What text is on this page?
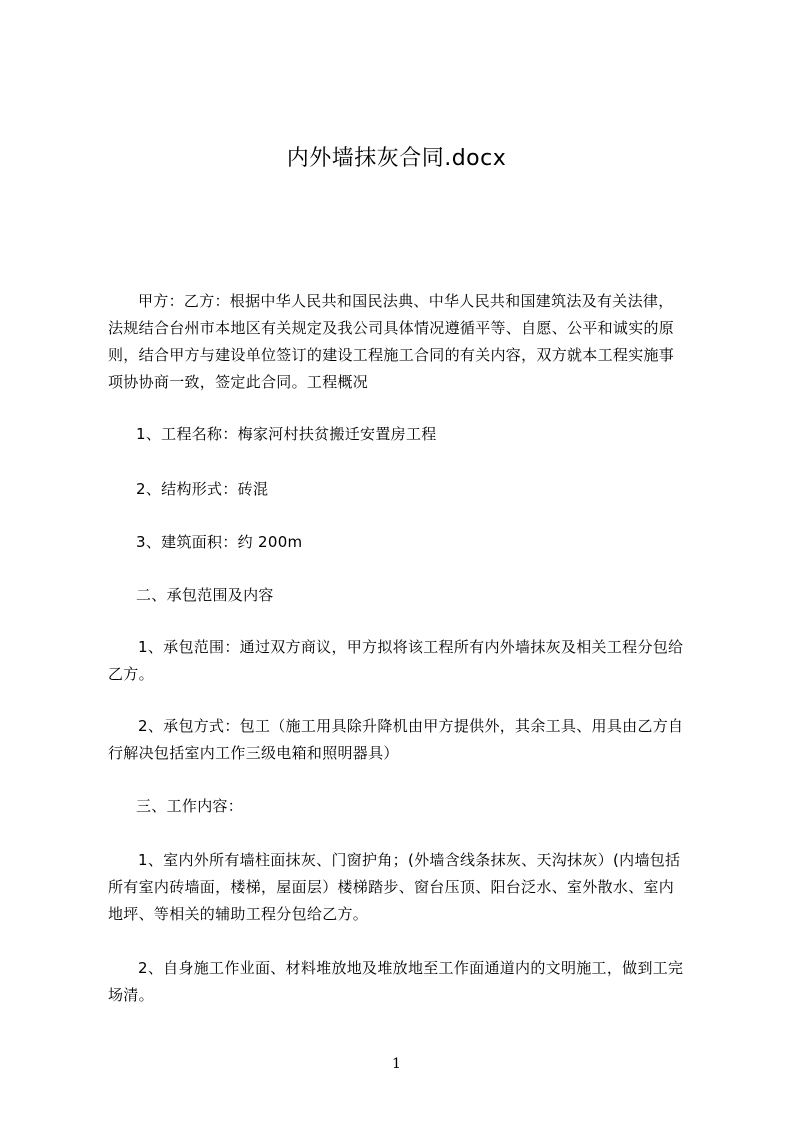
内外墙抹灰合同.docx
甲方：乙方：根据中华人民共和国民法典、中华人民共和国建筑法及有关法律，
法规结合台州市本地区有关规定及我公司具体情况遵循平等、自愿、公平和诚实的原
则，结合甲方与建设单位签订的建设工程施工合同的有关内容，双方就本工程实施事
项协协商一致，签定此合同。工程概况
1、工程名称：梅家河村扶贫搬迁安置房工程
2、结构形式：砖混
3、建筑面积：约 200m
二、承包范围及内容
1、承包范围：通过双方商议，甲方拟将该工程所有内外墙抹灰及相关工程分包给
乙方。
2、承包方式：包工（施工用具除升降机由甲方提供外，其余工具、用具由乙方自
行解决包括室内工作三级电箱和照明器具）
三、工作内容：
1、室内外所有墙柱面抹灰、门窗护角；(外墙含线条抹灰、天沟抹灰）(内墙包括
所有室内砖墙面，楼梯，屋面层）楼梯踏步、窗台压顶、阳台泛水、室外散水、室内
地坪、等相关的辅助工程分包给乙方。
2、自身施工作业面、材料堆放地及堆放地至工作面通道内的文明施工，做到工完
场清。
1
